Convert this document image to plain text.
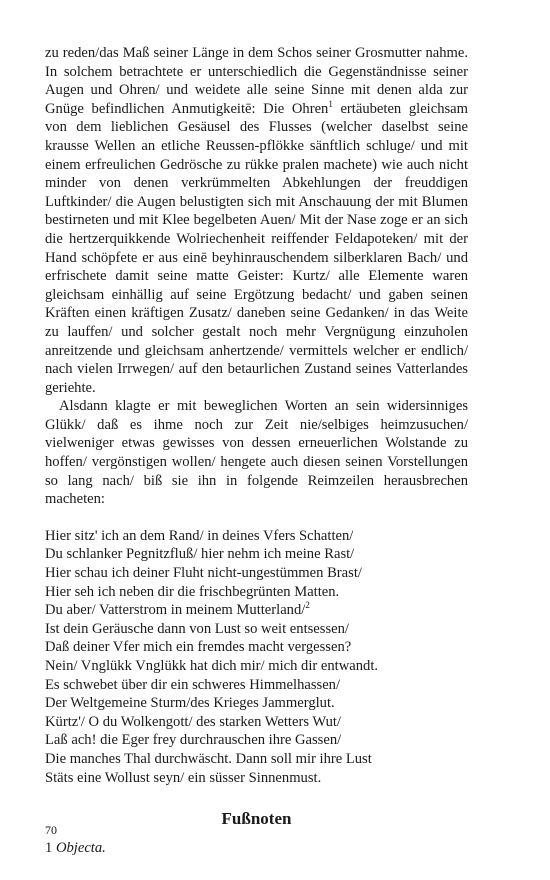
zu reden/das Maß seiner Länge in dem Schos seiner Grosmutter nahme. In solchem betrachtete er unterschiedlich die Gegenständnisse seiner Augen und Ohren/ und weidete alle seine Sinne mit denen alda zur Gnüge befindlichen Anmutigkeitē: Die Ohren$^1$ ertäubeten gleichsam von dem lieblichen Gesäusel des Flusses (welcher daselbst seine krausse Wellen an etliche Reussen-pflökke sänftlich schluge/ und mit einem erfreulichen Gedrösche zu rükke pralen machete) wie auch nicht minder von denen verkrümmelten Abkehlungen der freuddigen Luftkinder/ die Augen belustigten sich mit Anschauung der mit Blumen bestirneten und mit Klee begelbeten Auen/ Mit der Nase zoge er an sich die hertzerquikkende Wolriechenheit reiffender Feldapoteken/ mit der Hand schöpfete er aus einē beyhinrauschendem silberklaren Bach/ und erfrischete damit seine matte Geister: Kurtz/ alle Elemente waren gleichsam einhällig auf seine Ergötzung bedacht/ und gaben seinen Kräften einen kräftigen Zusatz/ daneben seine Gedanken/ in das Weite zu lauffen/ und solcher gestalt noch mehr Vergnügung einzuholen anreitzende und gleichsam anhertzende/ vermittels welcher er endlich/ nach vielen Irrwegen/ auf den betaurlichen Zustand seines Vatterlandes geriehte.

Alsdann klagte er mit beweglichen Worten an sein widersinniges Glükk/ daß es ihme noch zur Zeit nie/selbiges heimzusuchen/ vielweniger etwas gewisses von dessen erneuerlichen Wolstande zu hoffen/ vergönstigen wollen/ hengete auch diesen seinen Vorstellungen so lang nach/ biß sie ihn in folgende Reimzeilen herausbrechen macheten:

Hier sitz' ich an dem Rand/ in deines Vfers Schatten/
Du schlanker Pegnitzfluß/ hier nehm ich meine Rast/
Hier schau ich deiner Fluht nicht-ungestümmen Brast/
Hier seh ich neben dir die frischbegrünten Matten.
Du aber/ Vatterstrom in meinem Mutterland/$^2$
Ist dein Geräusche dann von Lust so weit entsessen/
Daß deiner Vfer mich ein fremdes macht vergessen?
Nein/ Vnglükk Vnglükk hat dich mir/ mich dir entwandt.
Es schwebet über dir ein schweres Himmelhassen/
Der Weltgemeine Sturm/des Krieges Jammerglut.
Kürtz'/ O du Wolkengott/ des starken Wetters Wut/
Laß ach! die Eger frey durchrauschen ihre Gassen/
Die manches Thal durchwäscht. Dann soll mir ihre Lust
Stäts eine Wollust seyn/ ein süsser Sinnenmust.
Fußnoten
1 Objecta.
70
